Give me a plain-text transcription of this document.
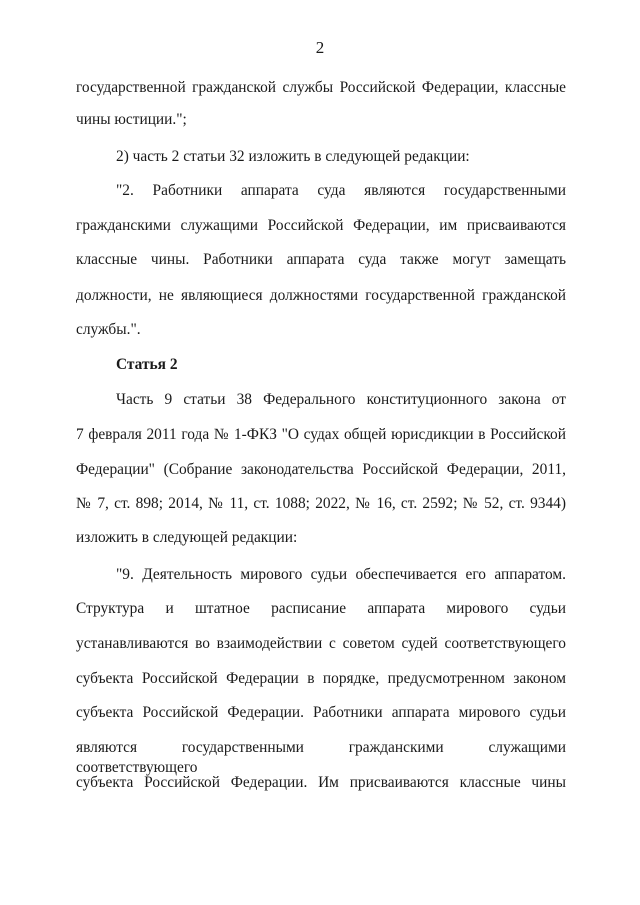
2
государственной гражданской службы Российской Федерации, классные
чины юстиции.";
2) часть 2 статьи 32 изложить в следующей редакции:
"2. Работники аппарата суда являются государственными
гражданскими служащими Российской Федерации, им присваиваются
классные чины. Работники аппарата суда также могут замещать
должности, не являющиеся должностями государственной гражданской
службы.".
Статья 2
Часть 9 статьи 38 Федерального конституционного закона от
7 февраля 2011 года № 1-ФКЗ "О судах общей юрисдикции в Российской
Федерации" (Собрание законодательства Российской Федерации, 2011,
№ 7, ст. 898; 2014, № 11, ст. 1088; 2022, № 16, ст. 2592; № 52, ст. 9344)
изложить в следующей редакции:
"9. Деятельность мирового судьи обеспечивается его аппаратом.
Структура и штатное расписание аппарата мирового судьи
устанавливаются во взаимодействии с советом судей соответствующего
субъекта Российской Федерации в порядке, предусмотренном законом
субъекта Российской Федерации. Работники аппарата мирового судьи
являются государственными гражданскими служащими соответствующего
субъекта Российской Федерации. Им присваиваются классные чины
